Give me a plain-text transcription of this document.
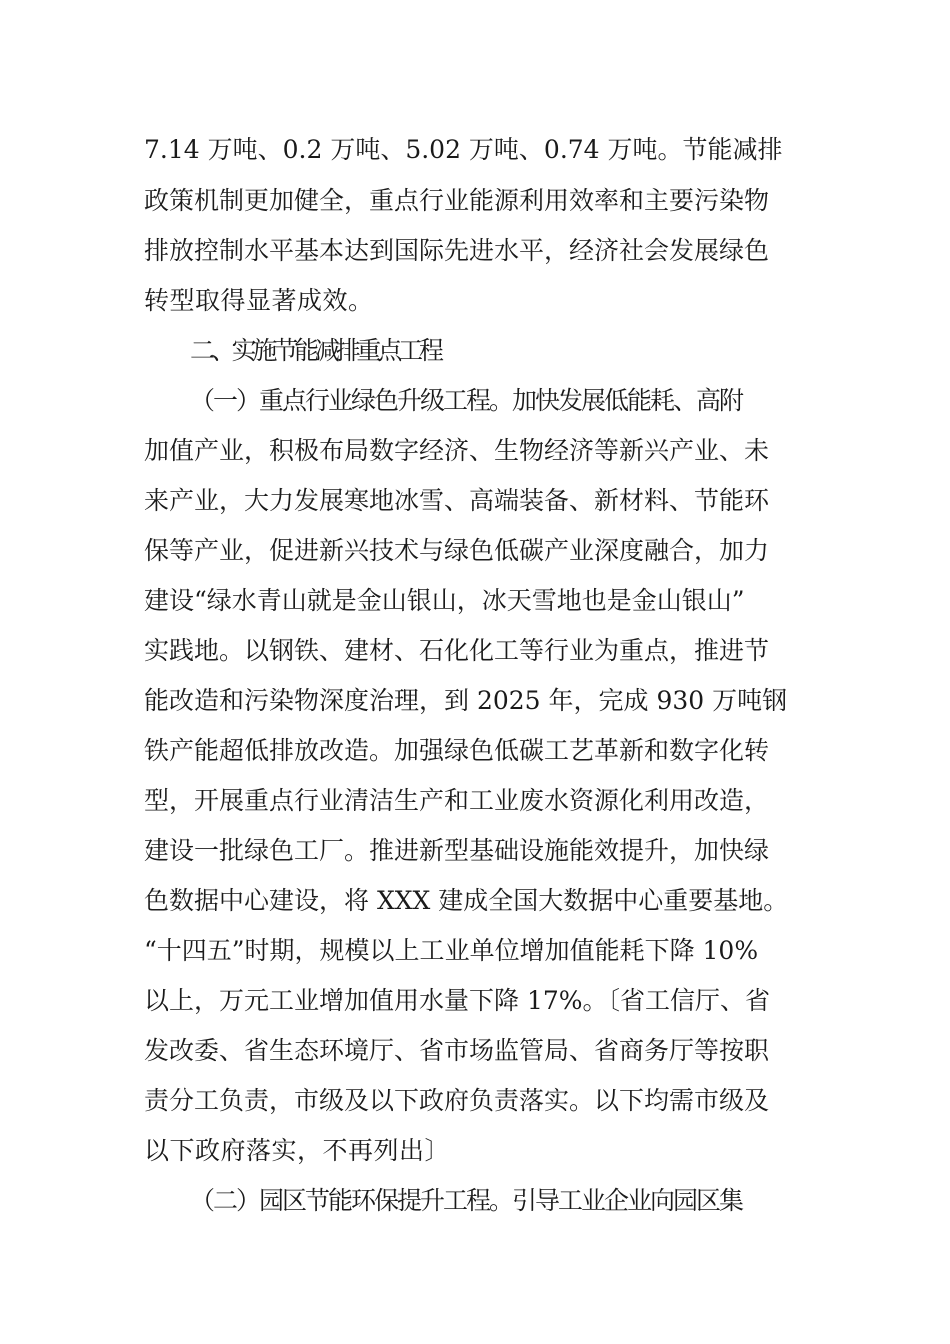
7.14 万吨、0.2 万吨、5.02 万吨、0.74 万吨。节能减排
政策机制更加健全，重点行业能源利用效率和主要污染物
排放控制水平基本达到国际先进水平，经济社会发展绿色
转型取得显著成效。
二、实施节能减排重点工程
（一）重点行业绿色升级工程。加快发展低能耗、高附
加值产业，积极布局数字经济、生物经济等新兴产业、未
来产业，大力发展寒地冰雪、高端装备、新材料、节能环
保等产业，促进新兴技术与绿色低碳产业深度融合，加力
建设“绿水青山就是金山银山，冰天雪地也是金山银山”
实践地。以钢铁、建材、石化化工等行业为重点，推进节
能改造和污染物深度治理，到 2025 年，完成 930 万吨钢
铁产能超低排放改造。加强绿色低碳工艺革新和数字化转
型，开展重点行业清洁生产和工业废水资源化利用改造，
建设一批绿色工厂。推进新型基础设施能效提升，加快绿
色数据中心建设，将 XXX 建成全国大数据中心重要基地。
“十四五”时期，规模以上工业单位增加值能耗下降 10%
以上，万元工业增加值用水量下降 17%。〔省工信厅、省
发改委、省生态环境厅、省市场监管局、省商务厅等按职
责分工负责，市级及以下政府负责落实。以下均需市级及
以下政府落实，不再列出〕
（二）园区节能环保提升工程。引导工业企业向园区集
